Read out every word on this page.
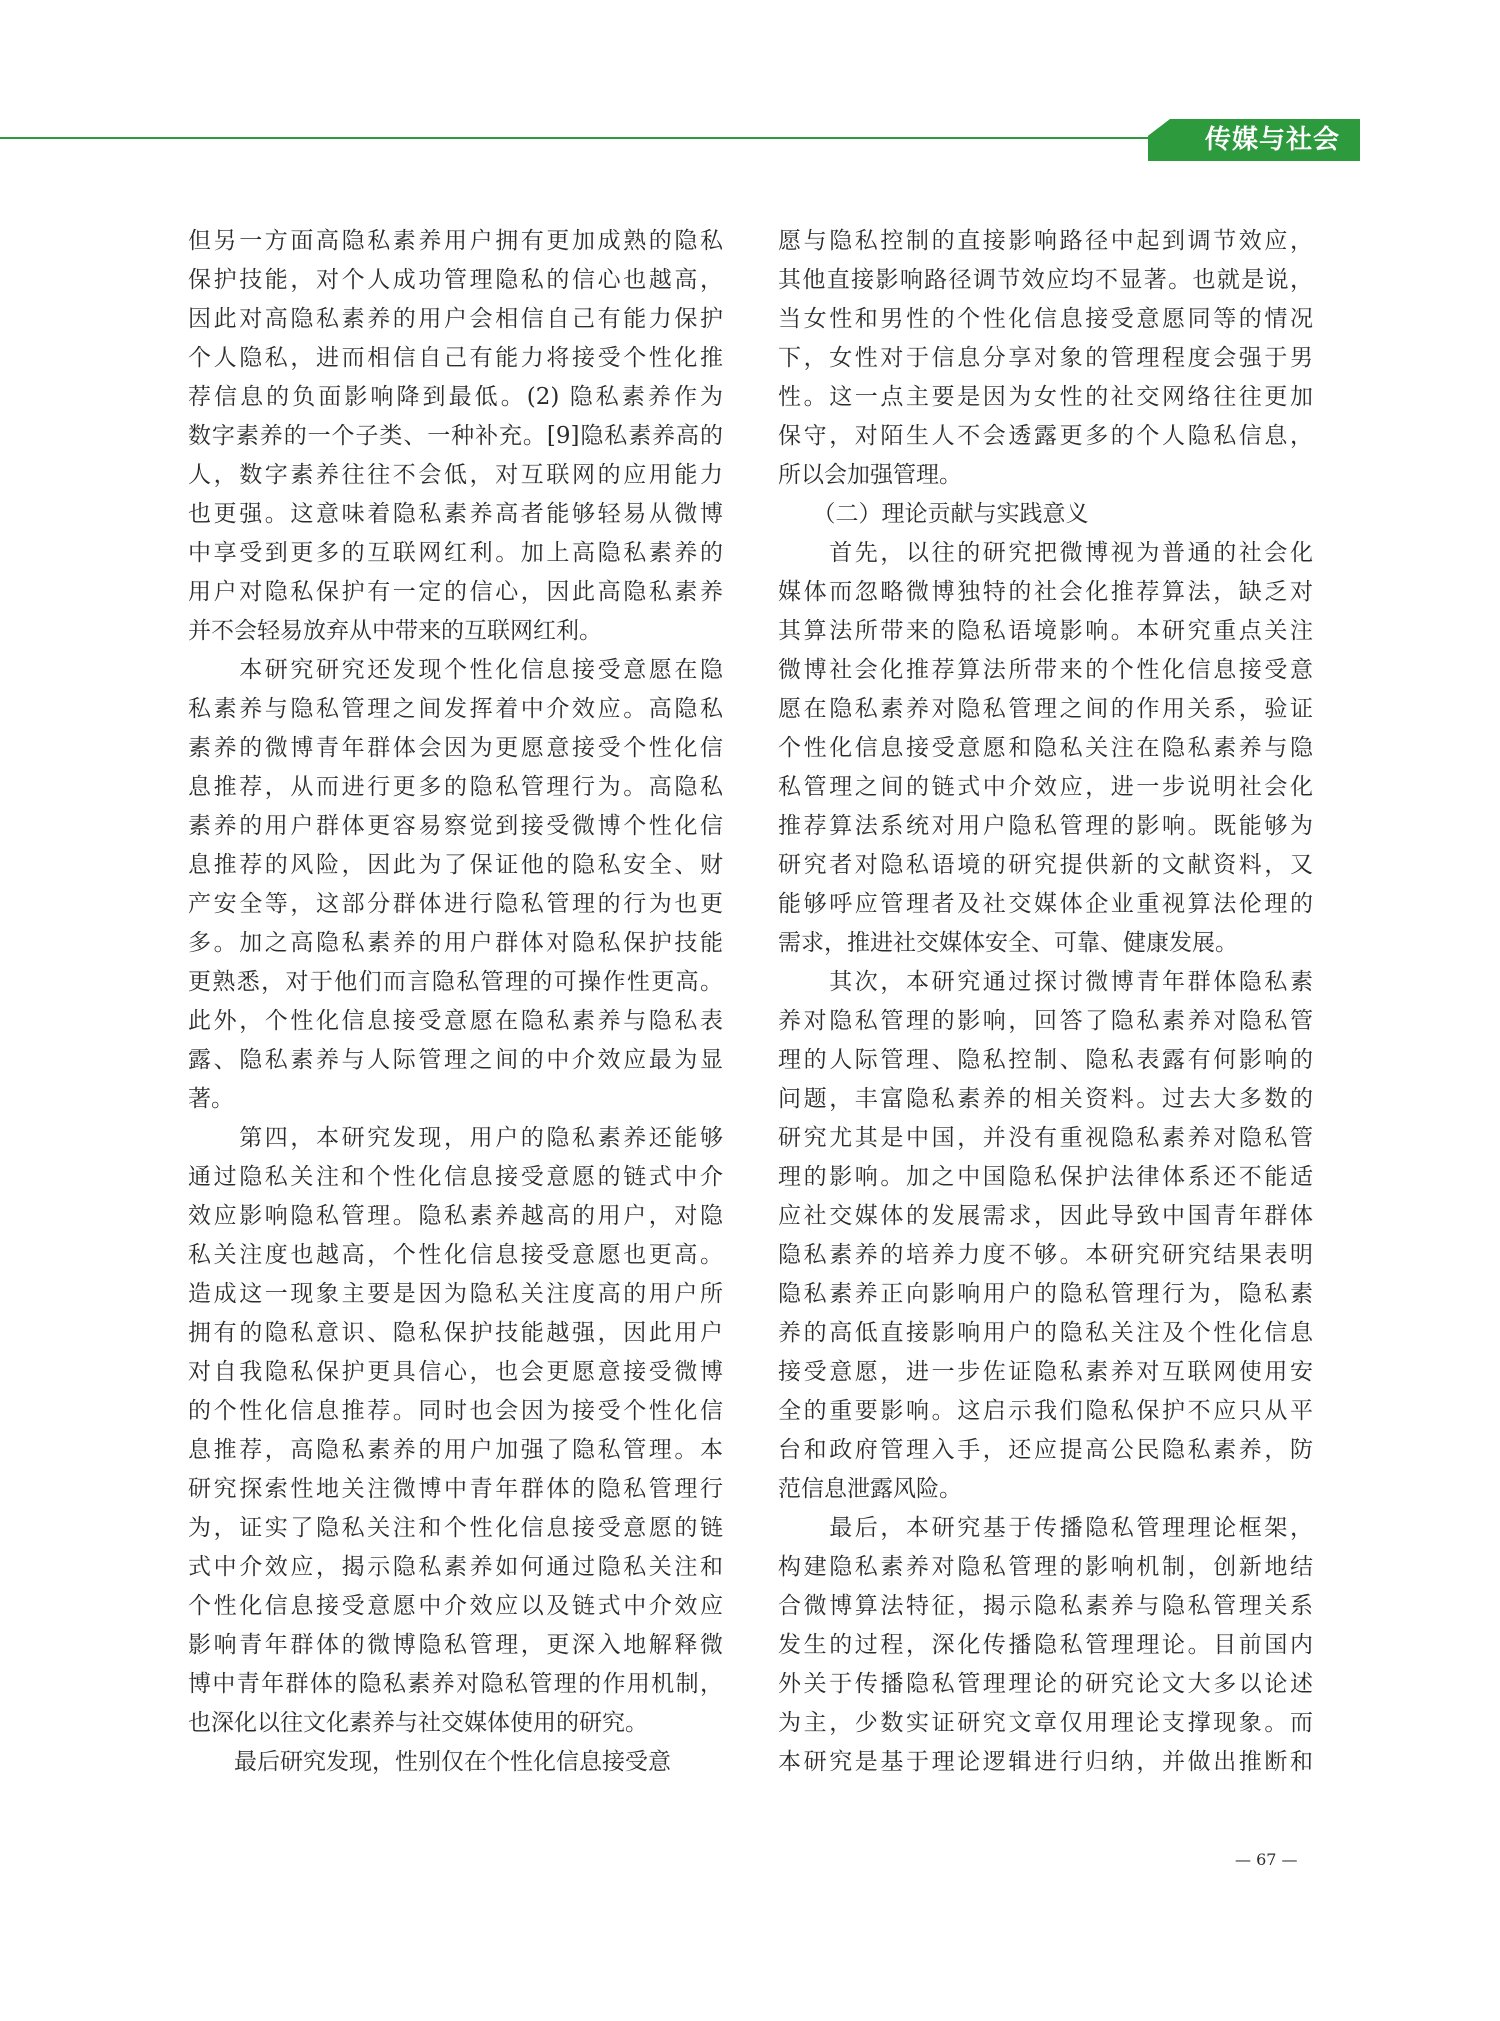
传媒与社会
但另一方面高隐私素养用户拥有更加成熟的隐私
保护技能，对个人成功管理隐私的信心也越高，
因此对高隐私素养的用户会相信自己有能力保护
个人隐私，进而相信自己有能力将接受个性化推
荐信息的负面影响降到最低。(2) 隐私素养作为
数字素养的一个子类、一种补充。[9]隐私素养高的
人，数字素养往往不会低，对互联网的应用能力
也更强。这意味着隐私素养高者能够轻易从微博
中享受到更多的互联网红利。加上高隐私素养的
用户对隐私保护有一定的信心，因此高隐私素养
并不会轻易放弃从中带来的互联网红利。
　　本研究研究还发现个性化信息接受意愿在隐
私素养与隐私管理之间发挥着中介效应。高隐私
素养的微博青年群体会因为更愿意接受个性化信
息推荐，从而进行更多的隐私管理行为。高隐私
素养的用户群体更容易察觉到接受微博个性化信
息推荐的风险，因此为了保证他的隐私安全、财
产安全等，这部分群体进行隐私管理的行为也更
多。加之高隐私素养的用户群体对隐私保护技能
更熟悉，对于他们而言隐私管理的可操作性更高。
此外，个性化信息接受意愿在隐私素养与隐私表
露、隐私素养与人际管理之间的中介效应最为显
著。
　　第四，本研究发现，用户的隐私素养还能够
通过隐私关注和个性化信息接受意愿的链式中介
效应影响隐私管理。隐私素养越高的用户，对隐
私关注度也越高，个性化信息接受意愿也更高。
造成这一现象主要是因为隐私关注度高的用户所
拥有的隐私意识、隐私保护技能越强，因此用户
对自我隐私保护更具信心，也会更愿意接受微博
的个性化信息推荐。同时也会因为接受个性化信
息推荐，高隐私素养的用户加强了隐私管理。本
研究探索性地关注微博中青年群体的隐私管理行
为，证实了隐私关注和个性化信息接受意愿的链
式中介效应，揭示隐私素养如何通过隐私关注和
个性化信息接受意愿中介效应以及链式中介效应
影响青年群体的微博隐私管理，更深入地解释微
博中青年群体的隐私素养对隐私管理的作用机制，
也深化以往文化素养与社交媒体使用的研究。
　　最后研究发现，性别仅在个性化信息接受意
愿与隐私控制的直接影响路径中起到调节效应，
其他直接影响路径调节效应均不显著。也就是说，
当女性和男性的个性化信息接受意愿同等的情况
下，女性对于信息分享对象的管理程度会强于男
性。这一点主要是因为女性的社交网络往往更加
保守，对陌生人不会透露更多的个人隐私信息，
所以会加强管理。
　　（二）理论贡献与实践意义
　　首先，以往的研究把微博视为普通的社会化
媒体而忽略微博独特的社会化推荐算法，缺乏对
其算法所带来的隐私语境影响。本研究重点关注
微博社会化推荐算法所带来的个性化信息接受意
愿在隐私素养对隐私管理之间的作用关系，验证
个性化信息接受意愿和隐私关注在隐私素养与隐
私管理之间的链式中介效应，进一步说明社会化
推荐算法系统对用户隐私管理的影响。既能够为
研究者对隐私语境的研究提供新的文献资料，又
能够呼应管理者及社交媒体企业重视算法伦理的
需求，推进社交媒体安全、可靠、健康发展。
　　其次，本研究通过探讨微博青年群体隐私素
养对隐私管理的影响，回答了隐私素养对隐私管
理的人际管理、隐私控制、隐私表露有何影响的
问题，丰富隐私素养的相关资料。过去大多数的
研究尤其是中国，并没有重视隐私素养对隐私管
理的影响。加之中国隐私保护法律体系还不能适
应社交媒体的发展需求，因此导致中国青年群体
隐私素养的培养力度不够。本研究研究结果表明
隐私素养正向影响用户的隐私管理行为，隐私素
养的高低直接影响用户的隐私关注及个性化信息
接受意愿，进一步佐证隐私素养对互联网使用安
全的重要影响。这启示我们隐私保护不应只从平
台和政府管理入手，还应提高公民隐私素养，防
范信息泄露风险。
　　最后，本研究基于传播隐私管理理论框架，
构建隐私素养对隐私管理的影响机制，创新地结
合微博算法特征，揭示隐私素养与隐私管理关系
发生的过程，深化传播隐私管理理论。目前国内
外关于传播隐私管理理论的研究论文大多以论述
为主，少数实证研究文章仅用理论支撑现象。而
本研究是基于理论逻辑进行归纳，并做出推断和
— 67 —
